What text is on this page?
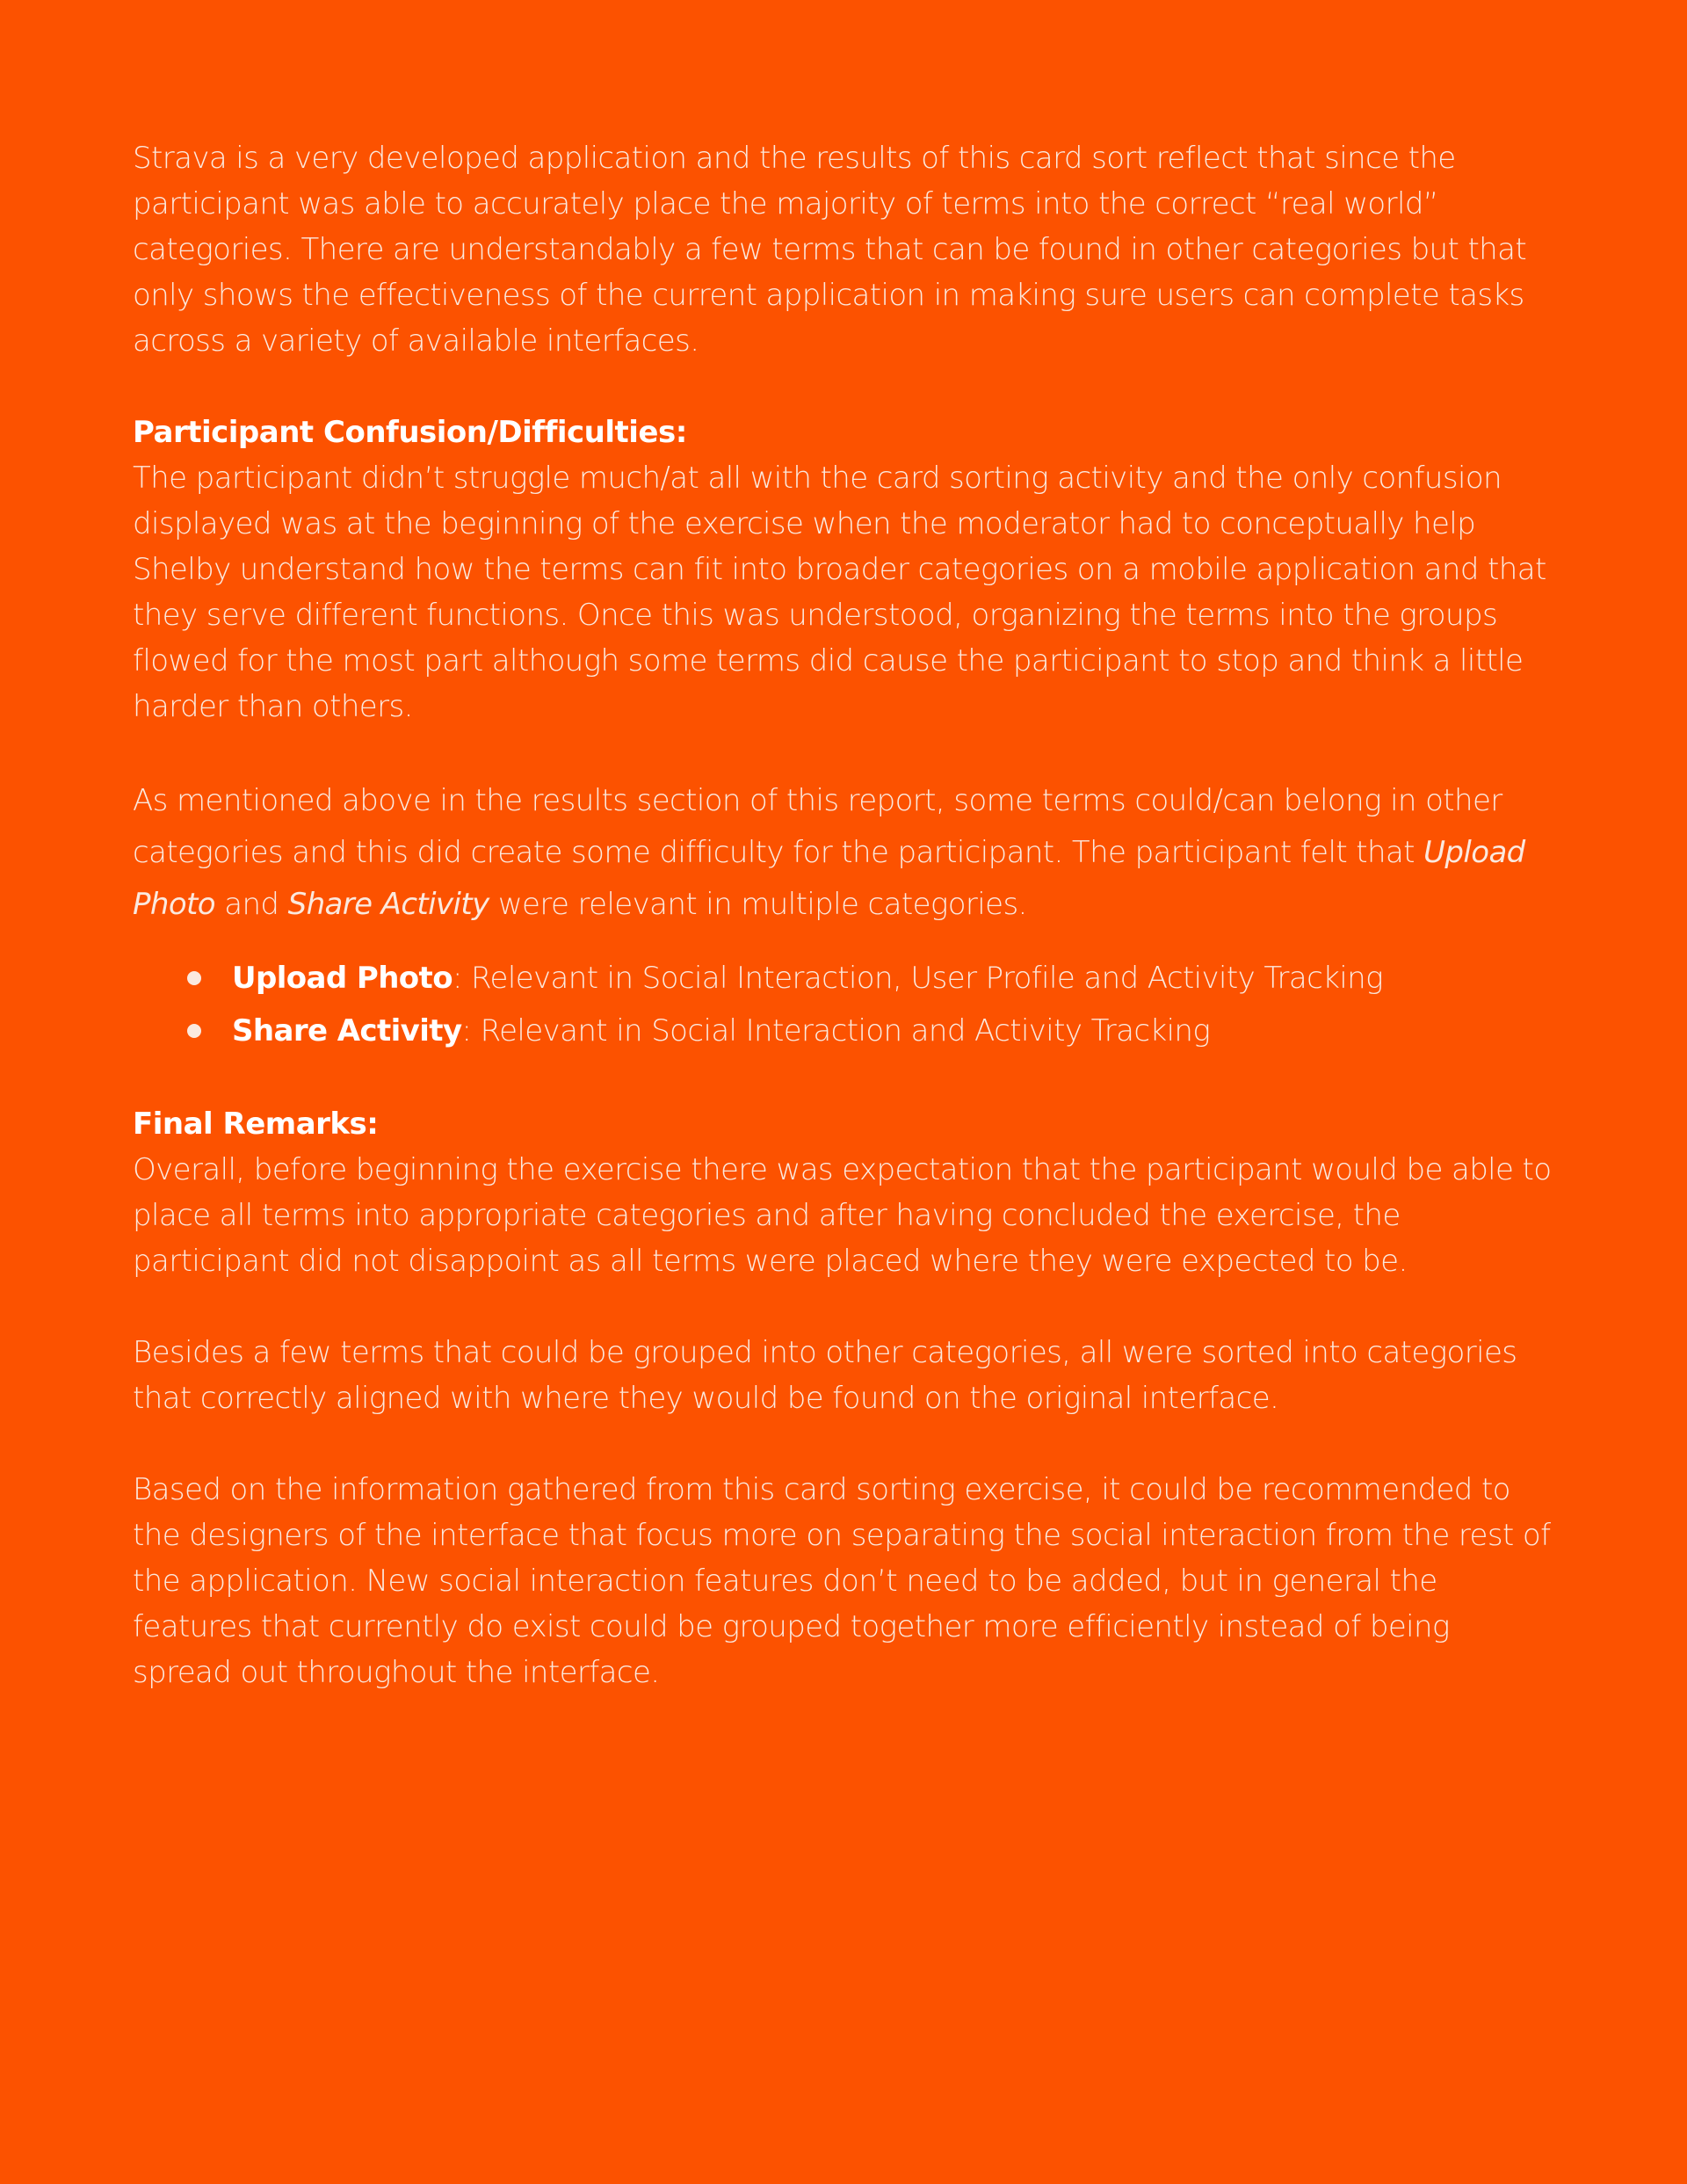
Strava is a very developed application and the results of this card sort reflect that since the participant was able to accurately place the majority of terms into the correct “real world” categories. There are understandably a few terms that can be found in other categories but that only shows the effectiveness of the current application in making sure users can complete tasks across a variety of available interfaces.

Participant Confusion/Difficulties:

The participant didn’t struggle much/at all with the card sorting activity and the only confusion displayed was at the beginning of the exercise when the moderator had to conceptually help Shelby understand how the terms can fit into broader categories on a mobile application and that they serve different functions. Once this was understood, organizing the terms into the groups flowed for the most part although some terms did cause the participant to stop and think a little harder than others.

As mentioned above in the results section of this report, some terms could/can belong in other categories and this did create some difficulty for the participant. The participant felt that Upload Photo and Share Activity were relevant in multiple categories.

Upload Photo: Relevant in Social Interaction, User Profile and Activity Tracking
Share Activity: Relevant in Social Interaction and Activity Tracking

Final Remarks:

Overall, before beginning the exercise there was expectation that the participant would be able to place all terms into appropriate categories and after having concluded the exercise, the participant did not disappoint as all terms were placed where they were expected to be.

Besides a few terms that could be grouped into other categories, all were sorted into categories that correctly aligned with where they would be found on the original interface.

Based on the information gathered from this card sorting exercise, it could be recommended to the designers of the interface that focus more on separating the social interaction from the rest of the application. New social interaction features don’t need to be added, but in general the features that currently do exist could be grouped together more efficiently instead of being spread out throughout the interface.
